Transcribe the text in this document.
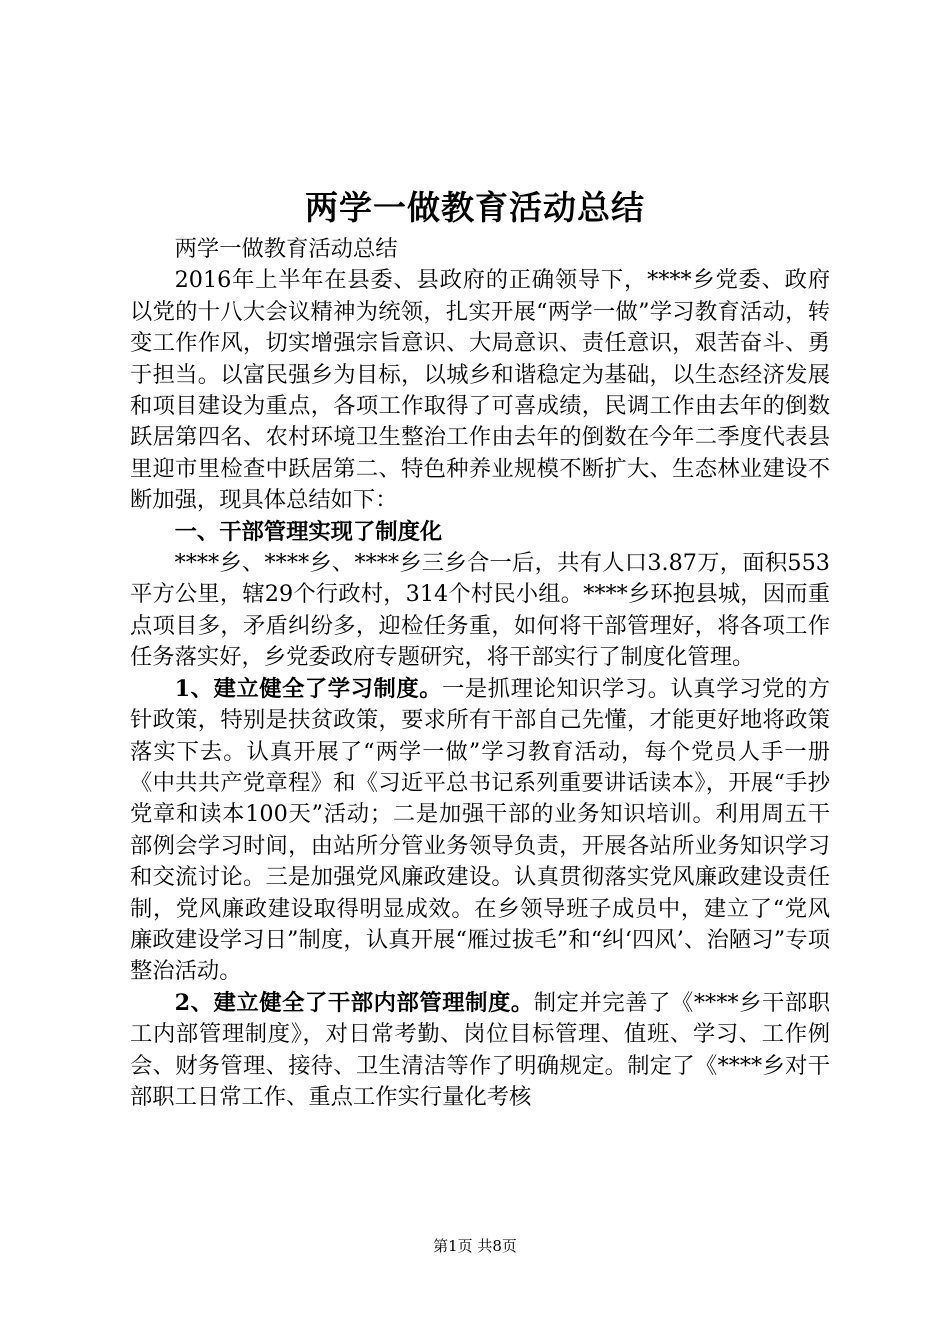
两学一做教育活动总结

两学一做教育活动总结

2016年上半年在县委、县政府的正确领导下，****乡党委、政府以党的十八大会议精神为统领，扎实开展“两学一做”学习教育活动，转变工作作风，切实增强宗旨意识、大局意识、责任意识，艰苦奋斗、勇于担当。以富民强乡为目标，以城乡和谐稳定为基础，以生态经济发展和项目建设为重点，各项工作取得了可喜成绩，民调工作由去年的倒数跃居第四名、农村环境卫生整治工作由去年的倒数在今年二季度代表县里迎市里检查中跃居第二、特色种养业规模不断扩大、生态林业建设不断加强，现具体总结如下：

一、干部管理实现了制度化

****乡、****乡、****乡三乡合一后，共有人口3.87万，面积553平方公里，辖29个行政村，314个村民小组。****乡环抱县城，因而重点项目多，矛盾纠纷多，迎检任务重，如何将干部管理好，将各项工作任务落实好，乡党委政府专题研究，将干部实行了制度化管理。

1、建立健全了学习制度。一是抓理论知识学习。认真学习党的方针政策，特别是扶贫政策，要求所有干部自己先懂，才能更好地将政策落实下去。认真开展了“两学一做”学习教育活动，每个党员人手一册《中共共产党章程》和《习近平总书记系列重要讲话读本》，开展“手抄党章和读本100天”活动；二是加强干部的业务知识培训。利用周五干部例会学习时间，由站所分管业务领导负责，开展各站所业务知识学习和交流讨论。三是加强党风廉政建设。认真贯彻落实党风廉政建设责任制，党风廉政建设取得明显成效。在乡领导班子成员中，建立了“党风廉政建设学习日”制度，认真开展“雁过拔毛”和“纠‘四风’、治陋习”专项整治活动。

2、建立健全了干部内部管理制度。制定并完善了《****乡干部职工内部管理制度》，对日常考勤、岗位目标管理、值班、学习、工作例会、财务管理、接待、卫生清洁等作了明确规定。制定了《****乡对干部职工日常工作、重点工作实行量化考核

第1页 共8页
